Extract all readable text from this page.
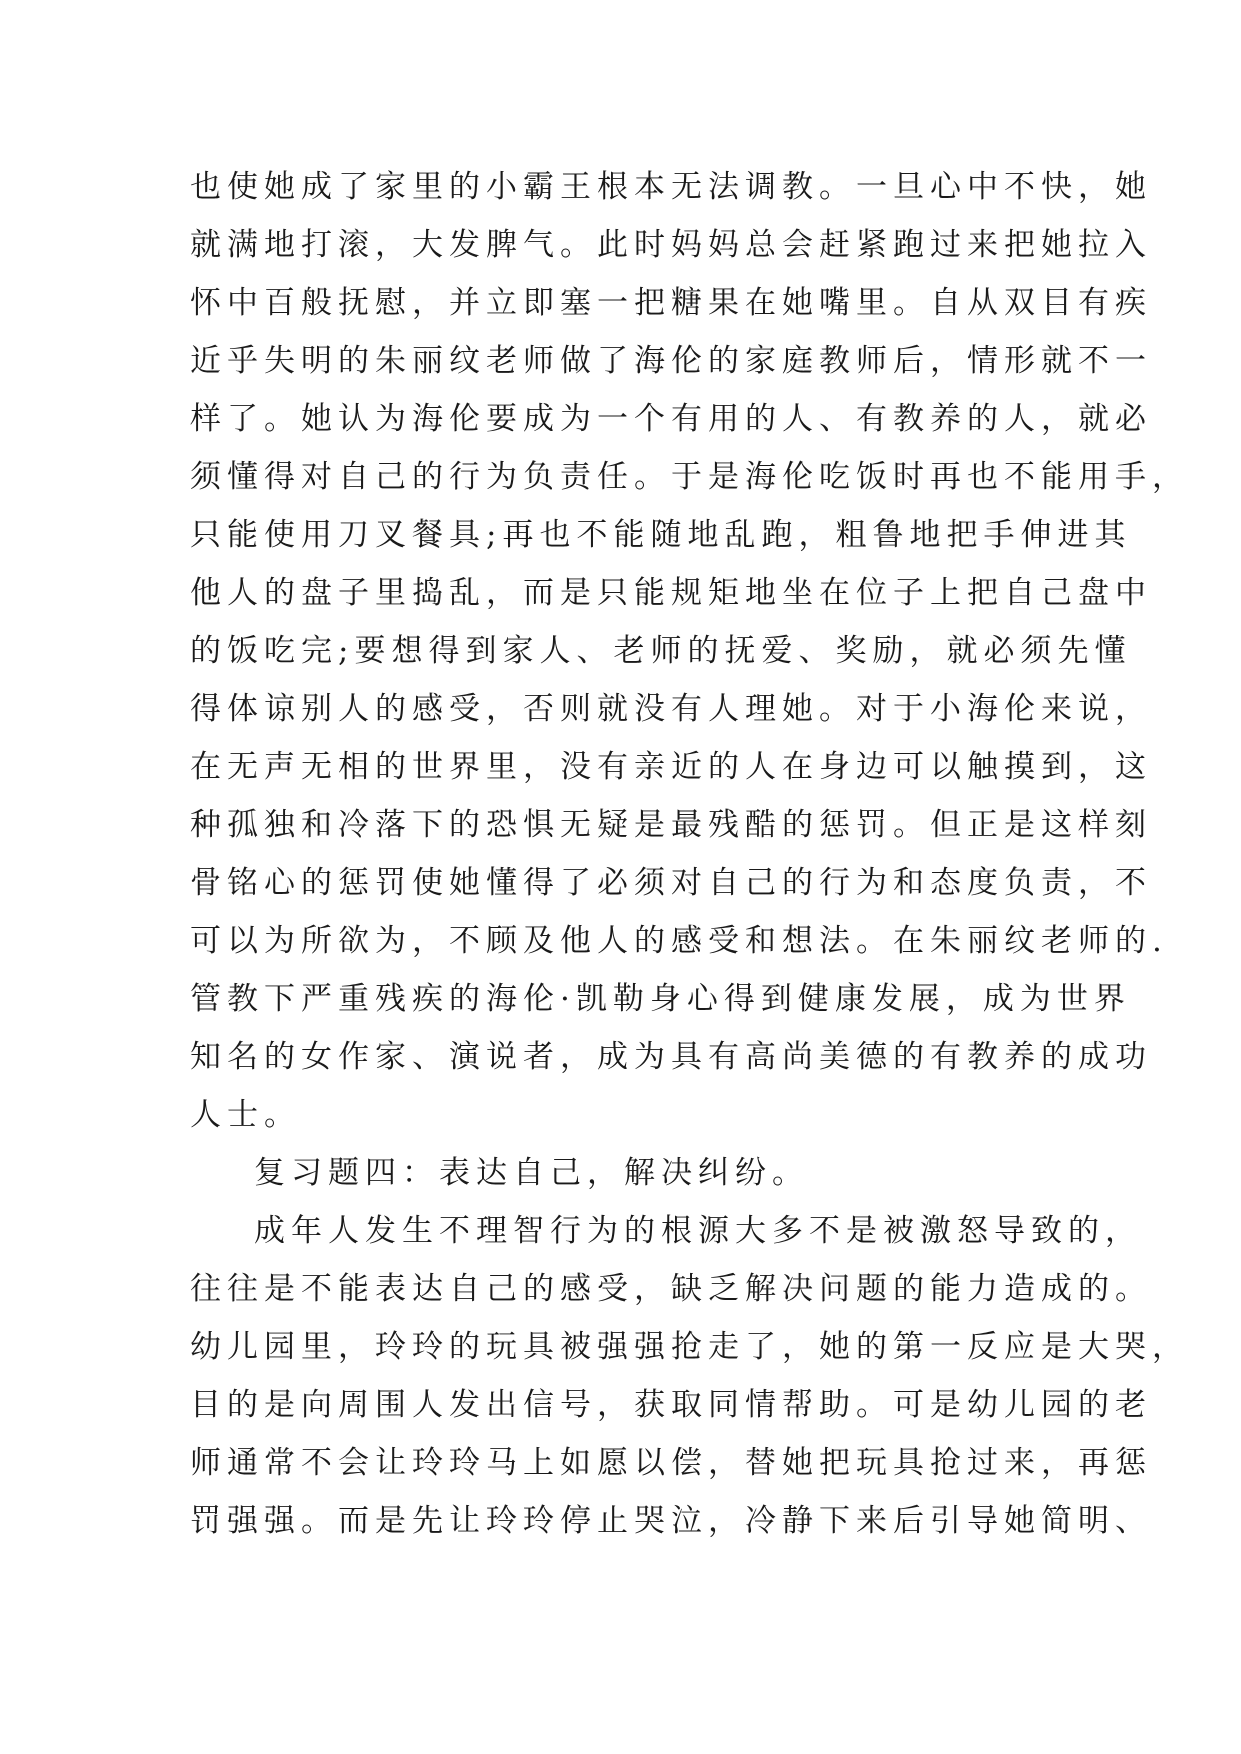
也使她成了家里的小霸王根本无法调教。一旦心中不快，她
就满地打滚，大发脾气。此时妈妈总会赶紧跑过来把她拉入
怀中百般抚慰，并立即塞一把糖果在她嘴里。自从双目有疾
近乎失明的朱丽纹老师做了海伦的家庭教师后，情形就不一
样了。她认为海伦要成为一个有用的人、有教养的人，就必
须懂得对自己的行为负责任。于是海伦吃饭时再也不能用手，
只能使用刀叉餐具;再也不能随地乱跑，粗鲁地把手伸进其
他人的盘子里捣乱，而是只能规矩地坐在位子上把自己盘中
的饭吃完;要想得到家人、老师的抚爱、奖励，就必须先懂
得体谅别人的感受，否则就没有人理她。对于小海伦来说，
在无声无相的世界里，没有亲近的人在身边可以触摸到，这
种孤独和冷落下的恐惧无疑是最残酷的惩罚。但正是这样刻
骨铭心的惩罚使她懂得了必须对自己的行为和态度负责，不
可以为所欲为，不顾及他人的感受和想法。在朱丽纹老师的.
管教下严重残疾的海伦·凯勒身心得到健康发展，成为世界
知名的女作家、演说者，成为具有高尚美德的有教养的成功
人士。
复习题四：表达自己，解决纠纷。
成年人发生不理智行为的根源大多不是被激怒导致的，
往往是不能表达自己的感受，缺乏解决问题的能力造成的。
幼儿园里，玲玲的玩具被强强抢走了，她的第一反应是大哭，
目的是向周围人发出信号，获取同情帮助。可是幼儿园的老
师通常不会让玲玲马上如愿以偿，替她把玩具抢过来，再惩
罚强强。而是先让玲玲停止哭泣，冷静下来后引导她简明、
